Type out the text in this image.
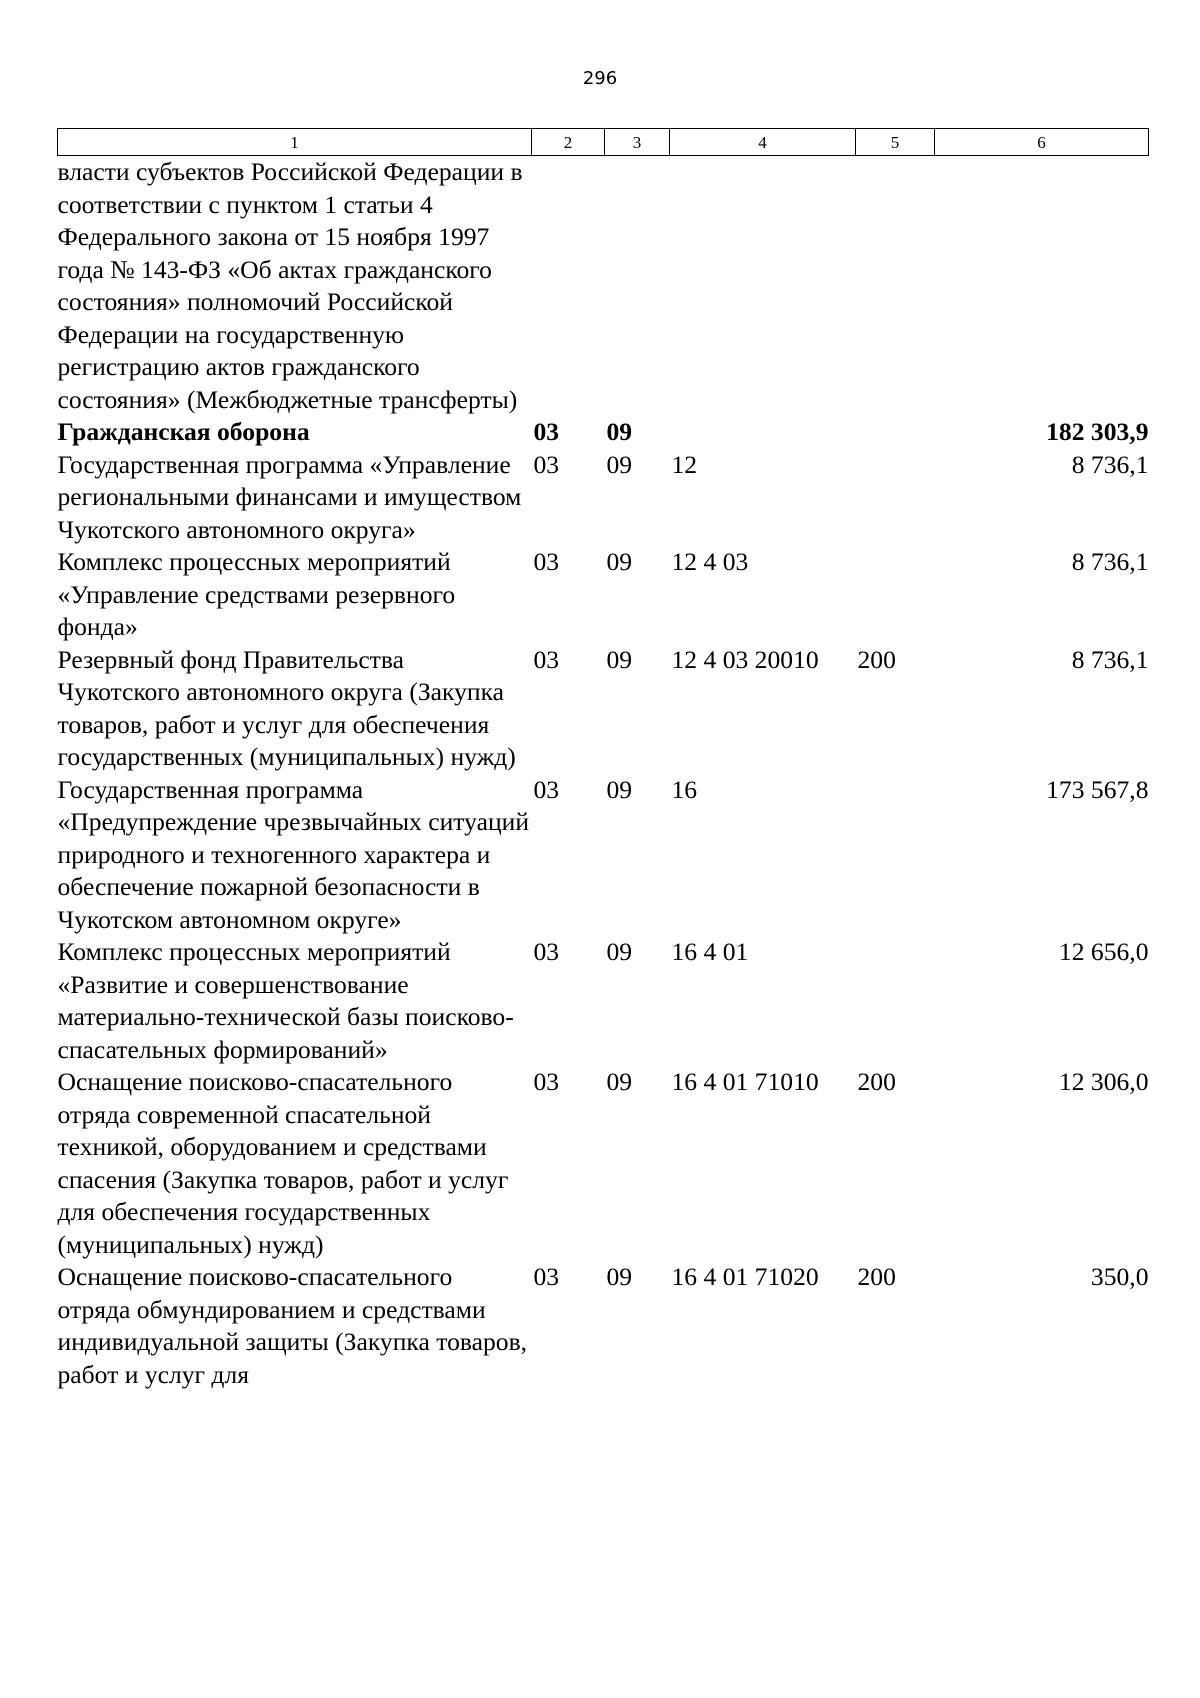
296
1	2	3	4	5	6
власти субъектов Российской Федерации в соответствии с пунктом 1 статьи 4 Федерального закона от 15 ноября 1997 года № 143-ФЗ «Об актах гражданского состояния» полномочий Российской Федерации на государственную регистрацию актов гражданского состояния» (Межбюджетные трансферты)					
Гражданская оборона	03	09			182 303,9
Государственная программа «Управление региональными финансами и имуществом Чукотского автономного округа»	03	09	12		8 736,1
Комплекс процессных мероприятий «Управление средствами резервного фонда»	03	09	12 4 03		8 736,1
Резервный фонд Правительства Чукотского автономного округа (Закупка товаров, работ и услуг для обеспечения государственных (муниципальных) нужд)	03	09	12 4 03 20010	200	8 736,1
Государственная программа «Предупреждение чрезвычайных ситуаций природного и техногенного характера и обеспечение пожарной безопасности в Чукотском автономном округе»	03	09	16		173 567,8
Комплекс процессных мероприятий «Развитие и совершенствование материально-технической базы поисково-спасательных формирований»	03	09	16 4 01		12 656,0
Оснащение поисково-спасательного отряда современной спасательной техникой, оборудованием и средствами спасения (Закупка товаров, работ и услуг для обеспечения государственных (муниципальных) нужд)	03	09	16 4 01 71010	200	12 306,0
Оснащение поисково-спасательного отряда обмундированием и средствами индивидуальной защиты (Закупка товаров, работ и услуг для	03	09	16 4 01 71020	200	350,0
